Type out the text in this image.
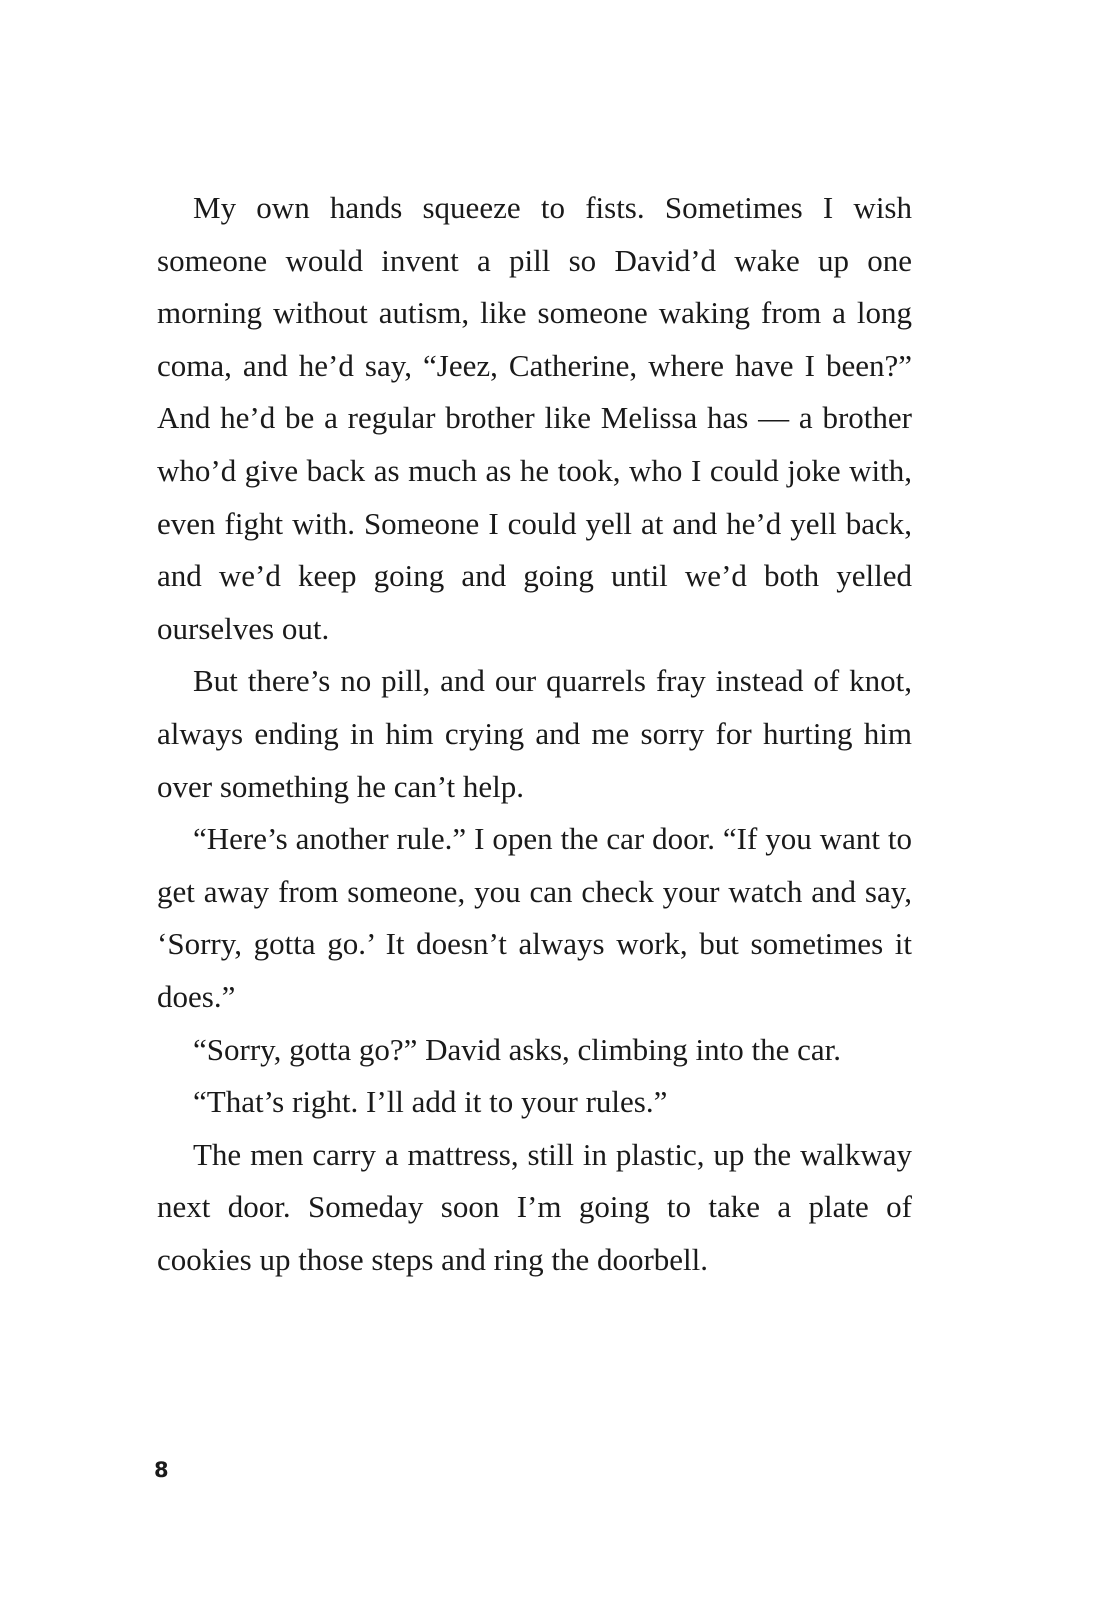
My own hands squeeze to fists. Sometimes I wish someone would invent a pill so David’d wake up one morning without autism, like someone waking from a long coma, and he’d say, “Jeez, Catherine, where have I been?” And he’d be a regular brother like Melissa has — a brother who’d give back as much as he took, who I could joke with, even fight with. Someone I could yell at and he’d yell back, and we’d keep going and going until we’d both yelled ourselves out.

But there’s no pill, and our quarrels fray instead of knot, always ending in him crying and me sorry for hurting him over something he can’t help.

“Here’s another rule.” I open the car door. “If you want to get away from someone, you can check your watch and say, ‘Sorry, gotta go.’ It doesn’t always work, but sometimes it does.”

“Sorry, gotta go?” David asks, climbing into the car.

“That’s right. I’ll add it to your rules.”

The men carry a mattress, still in plastic, up the walkway next door. Someday soon I’m going to take a plate of cookies up those steps and ring the doorbell.

8
